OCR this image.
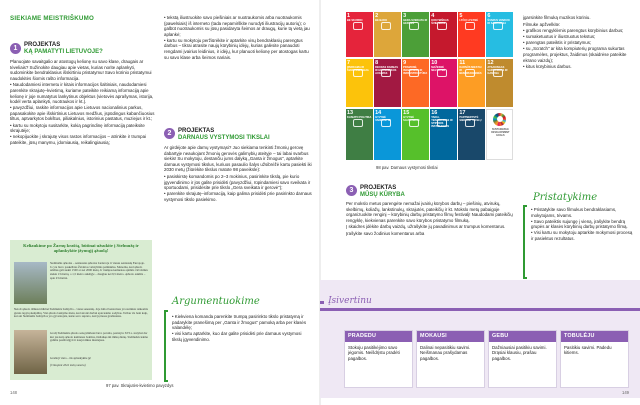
SIEKIAME MEISTRIŠKUMO
1	PROJEKTAS
KĄ PAMATYTI LIETUVOJE?

Planuojate savaitgalio ar atostogų kelionę su savo klase, draugais ar tėveliais? Sužinokite daugiau apie vietas, kurias norite aplankyti, sudominkite bendraklasius išskirtiniu pristatymu! Savo kūrinio pristatymui naudokitės šiomis rašto informacija.

• Naudodamiesi internetu ir kitais informacijos šaltiniais, naudodamiesi parenkite skrajutę–kvietimą, kuriame pateikite reikiamą informaciją apie kelionę ir joje numatytus lankytinus objektus (vietovės aprašymas, istorija, kodėl verta aplankyti, nuotraukos ir kt.).
• pavyzdžiui, raskite informacijos apie Lietuvos nacionalinius parkus, papasakokite apie išskirtinius Lietuvos medžius, įspūdingus kabančiuosius tiltus, aptvarkytos bokštus, piliakalnius, istorinius pastatus, muziejus ir kt.;
• kartu su mokytoju susitarkite, kokią pagrindinę informaciją pateiksite skrajutėje;
• nekopijuokite į skrajutę visos rastos informacijos – atrinkite ir trumpai pateikite, jūsų manymu, įdomiausią, reikalingiausią;
Keliaukime po Žarnų kraštą, būtinai užsukite į Stelmužę ir aplankykite įžymųjį ąžuolą!
Stelmužės ąžuolas – seniausias ąžuolas Lietuvoje ir vienas seniausių Europoje. Jo yra buvo paskelbtas Žuvintos valstybinis paminklas. Manoma, kad ąžuolo amžius gali siekti 1500 ar net 2000 metų. Ir trumpas kamienas apimtis virš žemės siekia 13 metrų, o 1,5 metro aukštyje – daugiau nei 9,5 metro. Ąžuolo aukštis – apie 23 metrai.
Netoli ąžuolo išlikusi mūrinė Stelmužės bažnyčia – viena senesnių. Joje šalia šventoriaus yra surinkta rankomis gurais tapytų skulptūrų. Visi ąžuolo lankymo metu, kad atrodė darbui apie kaimo sodybas. Tačiau vis bent kaip, kai ant Stelmužės bažnyčios yra gyventojais, kurie savo suprato, kad jų tiesas gražiausias.
Grožį Stelmužės ąžuolo seną įmirkusi buvo parošta, pastatyta XVI a. statybai dar kur jau kaip ąžuolo kamienas bokštas, išsilaikęs iki mūsų dienų. Stelmužės kaime galima pasižvalgyti ir naujoviškus muziejaus.
Gražioji vieta – tik aplankykite ją!
(Cituojant 2022 metų vasara)
97 pav. Skrajutės-kvietimo pavyzdys
• tekstą iliustruokite savo piešiniais ar nuotraukomis arba nuotraukomis (pawelsiais) iš interneto (tada nepamirškite nurodyti iliustracijų autorių); o galbūt nuotraukomis su jūsų pasidaryta šeimos ar draugų, kurie tą vietą jau aplankė;
• kartu su mokytoju peržiūrėkite ir aptarkite visų bendraklasių parengtus darbus – tikrai atrasite naujų kūrybinių idėjų, kurias galėsite panaudoti rengdami įvairius leidinius, ir idėjų, kur planuoti kelionę per atostogas kartu su savo klase arba šeimos nariais.
2	PROJEKTAS
DARNAUS VYSTYMOSI TIKSLAI

Ar girdėjote apie darnų vystymąsi? Juo siekiama tenkinti žmonių gerovę dabartyje neaukojant žmonių gerovės galimybių ateityje – tai labai svarbus siekis! Su mokytoju, destančiu jums dalyką „Ganta ir žmogus", aptarkite darnaus vystymosi tikslus, kuriuos pasaulio šalys užsibrėžė kartu pasiekti iki 2030 metų (žiūrėkite tikslus matote 98 paveiksle):

• pasiskirstę komandomis po 2–3 mokinius, pasirinkite tikslą, pie kurio įgyvendinimo ir jūs galite prisidėti (pavyzdžiui, rūpindamiesi savo sveikata ir sportuodami, prisidėsite prie tikslo „Gera sveikata ir gerovė");
• parenkite skrajutę–informaciją, kaip galima prisidėti prie pasirinkto darnaus vystymosi tikslo pasiekimo.
Argumentuokime
• Kiekviena komanda parenkite trumpą pasirinkto tikslo pristatymą ir padarykite pranešimą per „Ganta ir žmogus" pamoką arba per klasės valandėlę;
• visi kartu aptarkite, kuo dar galite prisidėti prie darnaus vystymosi tikslų įgyvendinimo.
148
1
BE SKURDO
2
BE BADO
3
GERA SVEIKATA IR GEROVĖ
4
KOKYBIŠKAS ŠVIETIMAS
5
LYČIŲ LYGYBĖ
6
ŠVARUS VANDUO IR SANITARIJA
7
ĮPERKAMA IR ŠVARI ENERGIJA
8
DEORAS DARBAS IR EKONOMIKOS AUGIMAS
9
PRAMONĖ, INOVACIJOS IR INFRASTRUKTŪRA
10
MAŽESNĖ NELYGYBĖ
11
DARNŪS MIESTAI IR BENDRUOMENĖS
12
ATSAKINGAS VARTOJIMAS IR GAMYBA
13
KLIMATO POLITIKA
14
GYVYBĖ VANDENYJE
15
GYVYBĖ SAUSUMOJE
16
TAIKA, TEISINGUMAS IR STIPRIOS INSTITUCIJOS
17
PARTNERYSTĖ SIEKIANT TIKSLŲ
SUSTAINABLE DEVELOPMENT GOALS
98 pav. Darnaus vystymosi tikslai
3	PROJEKTAS
MŪSŲ KŪRYBA

Per mokslo metus parengėte nemažai įvairių kūrybos darbų – piešinių, atvirukų, skelbimų, koliažų, lankstinukų, skrajutės, pateikčių ir kt. Mokslo metų pabaigoje organizuokite renginį – kūrybinių darbų pristatymo filmų festivalį! Naudodami pateikčių rengyklę, kiekvienas parenkite savo kūrybos pristatymo filmuką.

Į skaidres įdėkite darbų vaizdų, užrašykite jų pavadinimus ar trumpus komentarus.

Įrašykite savo žodinius komentarus arba

įgarsinkite filmuką muzikos kūriniu.

Filmuke apžvelkite:

• grafikos rengyklėmis parengtus kūrybinius darbus;
• sumaketuotus ir iliustruotus tekstus;
• parengtas pateiktis ir pristatymus;
• su „Scratch" ar kita kompiuterių programa sukurtas programėles, projektus, žaidimus (skaidrėse pateikite ekrano vaizdų);
• kitus kūrybinius darbus.
Pristatykime
• Pristatykite savo filmukus bendraklasiams, mokytojams, tėvams.
• Savo pateiktis sujungę į vieną, įrašykite bendrą grupės ar klasės kūrybinių darbų pristatymo filmą.
• Visi kartu su mokytoju aptarkite mokymosi procesą ir pasiektus rezultatus.
Įsivertinu
PRADEDU
Stokoju pasitikėjimo savo jėgomis. Neišdrįstu pradėti pagalbos.
MOKAUSI
Dalinai nepasitikiu savimi. Neišmanau prašydamas pagalbos.
GEBU
Dažniausiai pasitikiu savimi. Drąsiai klausiu, prašau pagalbos.
TOBULĖJU
Pasitikiu savimi. Padedu kitiems.
149
